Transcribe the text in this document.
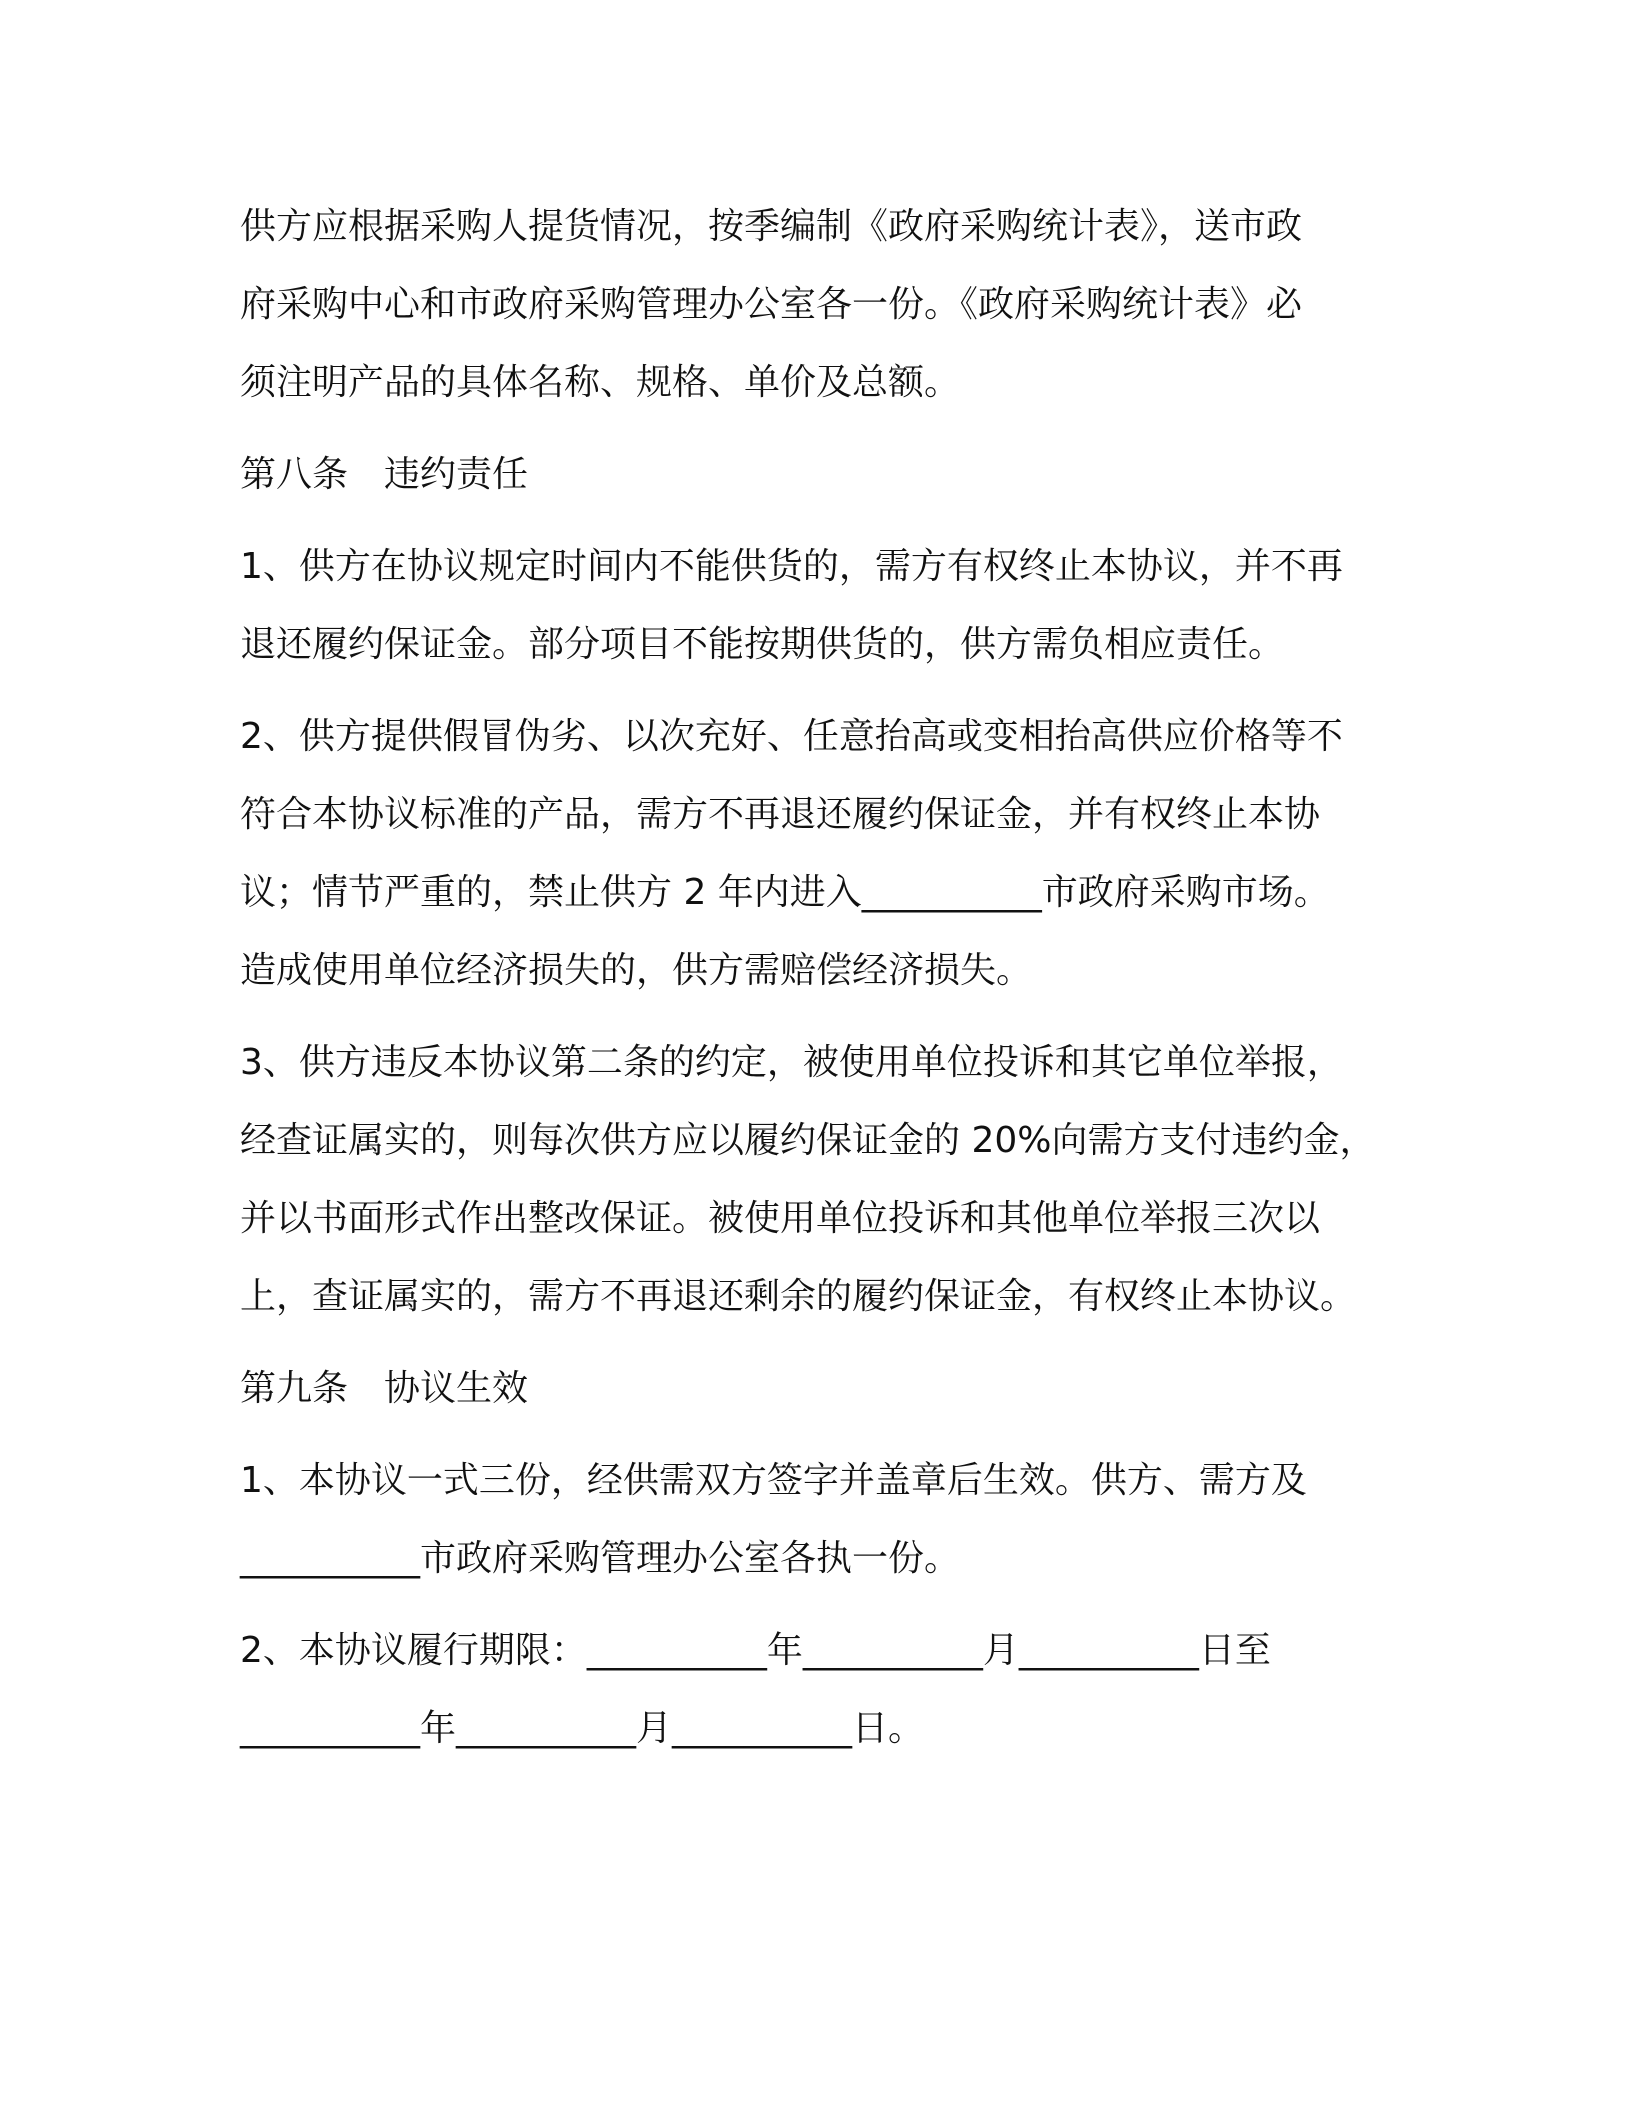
供方应根据采购人提货情况，按季编制《政府采购统计表》，送市政
府采购中心和市政府采购管理办公室各一份。《政府采购统计表》必
须注明产品的具体名称、规格、单价及总额。
第八条　违约责任
1、供方在协议规定时间内不能供货的，需方有权终止本协议，并不再
退还履约保证金。部分项目不能按期供货的，供方需负相应责任。
2、供方提供假冒伪劣、以次充好、任意抬高或变相抬高供应价格等不
符合本协议标准的产品，需方不再退还履约保证金，并有权终止本协
议；情节严重的，禁止供方 2 年内进入__________市政府采购市场。
造成使用单位经济损失的，供方需赔偿经济损失。
3、供方违反本协议第二条的约定，被使用单位投诉和其它单位举报，
经查证属实的，则每次供方应以履约保证金的 20%向需方支付违约金，
并以书面形式作出整改保证。被使用单位投诉和其他单位举报三次以
上，查证属实的，需方不再退还剩余的履约保证金，有权终止本协议。
第九条　协议生效
1、本协议一式三份，经供需双方签字并盖章后生效。供方、需方及
__________市政府采购管理办公室各执一份。
2、本协议履行期限：__________年__________月__________日至
__________年__________月__________日。
